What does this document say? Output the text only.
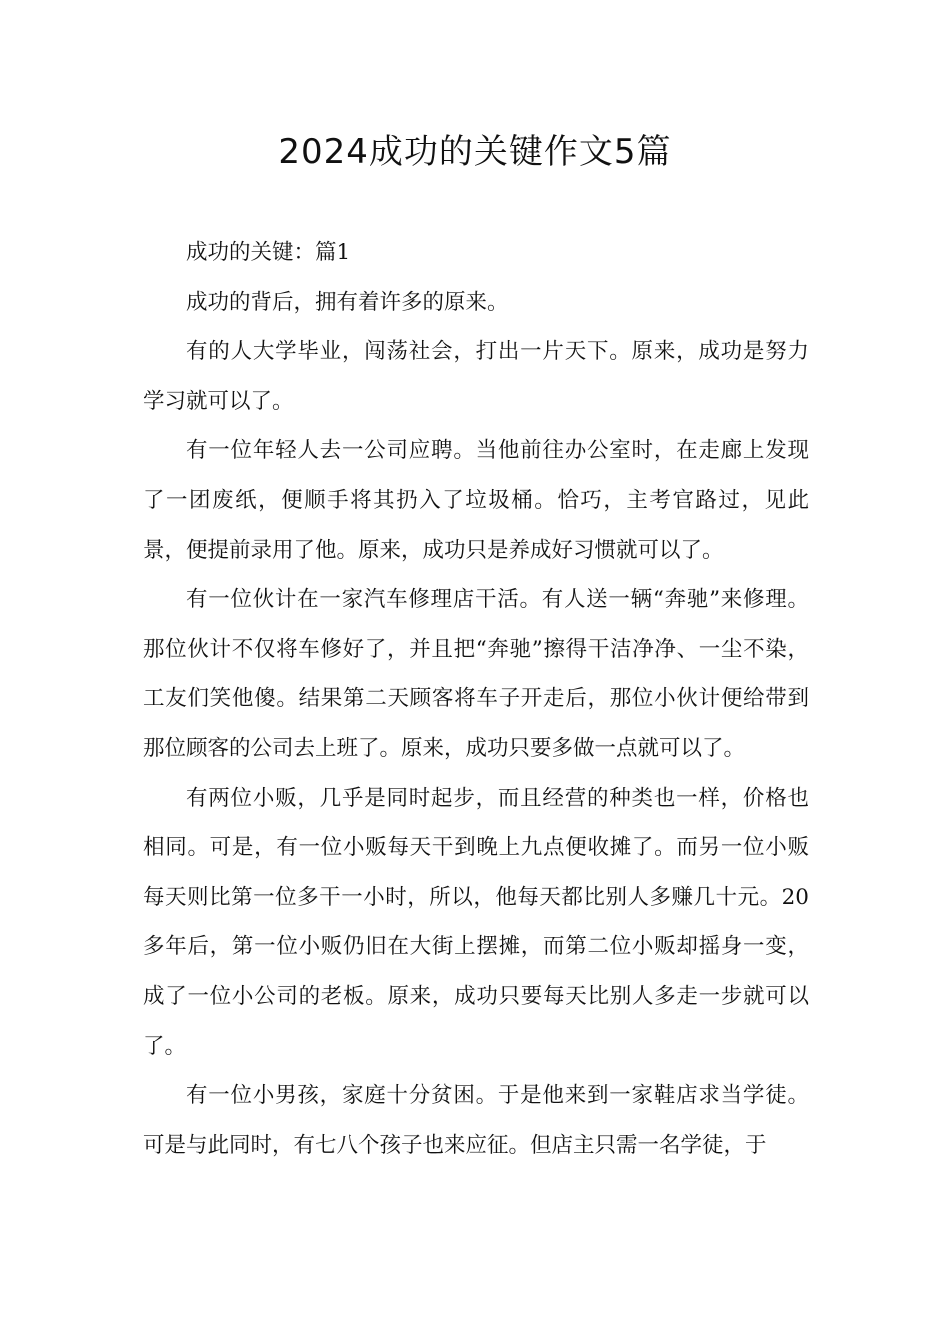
2024成功的关键作文5篇

成功的关键：篇1

成功的背后，拥有着许多的原来。

有的人大学毕业，闯荡社会，打出一片天下。原来，成功是努力学习就可以了。

有一位年轻人去一公司应聘。当他前往办公室时，在走廊上发现了一团废纸，便顺手将其扔入了垃圾桶。恰巧，主考官路过，见此景，便提前录用了他。原来，成功只是养成好习惯就可以了。

有一位伙计在一家汽车修理店干活。有人送一辆“奔驰”来修理。那位伙计不仅将车修好了，并且把“奔驰”擦得干洁净净、一尘不染，工友们笑他傻。结果第二天顾客将车子开走后，那位小伙计便给带到那位顾客的公司去上班了。原来，成功只要多做一点就可以了。

有两位小贩，几乎是同时起步，而且经营的种类也一样，价格也相同。可是，有一位小贩每天干到晚上九点便收摊了。而另一位小贩每天则比第一位多干一小时，所以，他每天都比别人多赚几十元。20多年后，第一位小贩仍旧在大街上摆摊，而第二位小贩却摇身一变，成了一位小公司的老板。原来，成功只要每天比别人多走一步就可以了。

有一位小男孩，家庭十分贫困。于是他来到一家鞋店求当学徒。可是与此同时，有七八个孩子也来应征。但店主只需一名学徒，于
